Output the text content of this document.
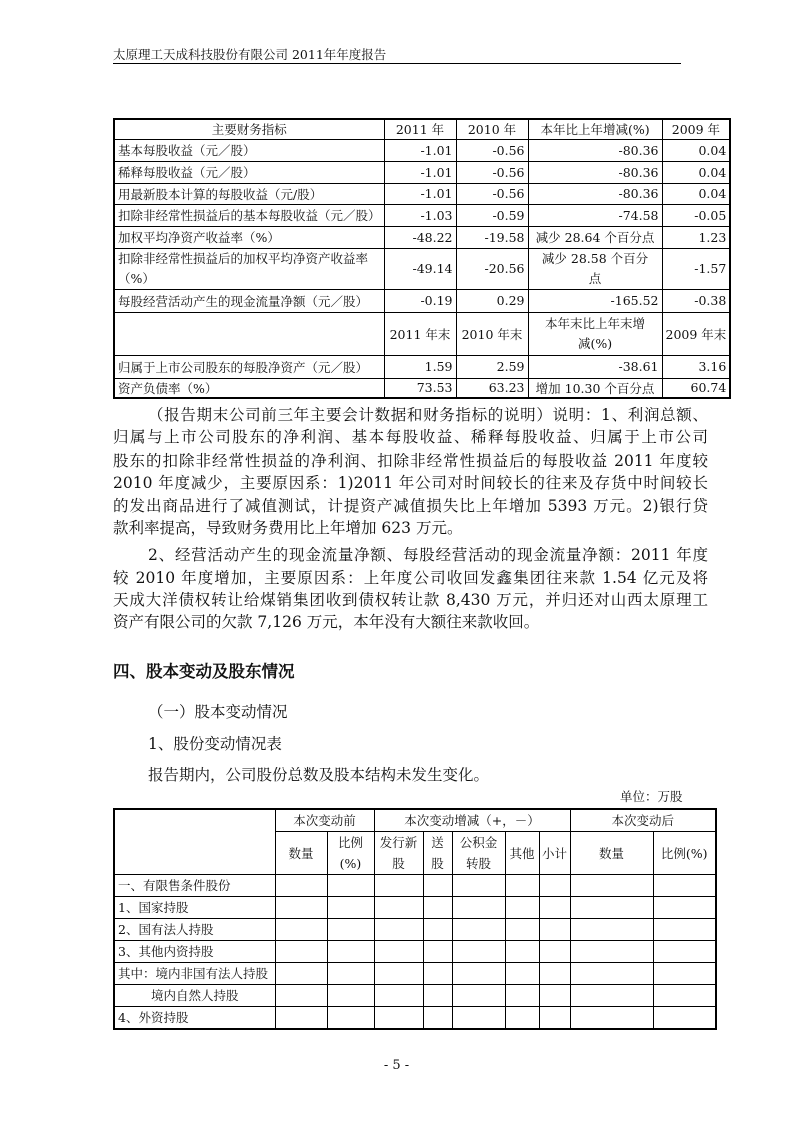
太原理工天成科技股份有限公司 2011年年度报告
主要财务指标	2011 年	2010 年	本年比上年增减(%)	2009 年
基本每股收益（元／股）	-1.01	-0.56	-80.36	0.04
稀释每股收益（元／股）	-1.01	-0.56	-80.36	0.04
用最新股本计算的每股收益（元/股）	-1.01	-0.56	-80.36	0.04
扣除非经常性损益后的基本每股收益（元／股）	-1.03	-0.59	-74.58	-0.05
加权平均净资产收益率（%）	-48.22	-19.58	减少 28.64 个百分点	1.23
扣除非经常性损益后的加权平均净资产收益率（%）	-49.14	-20.56	减少 28.58 个百分点	-1.57
每股经营活动产生的现金流量净额（元／股）	-0.19	0.29	-165.52	-0.38
	2011 年末	2010 年末	本年末比上年末增减(%)	2009 年末
归属于上市公司股东的每股净资产（元／股）	1.59	2.59	-38.61	3.16
资产负债率（%）	73.53	63.23	增加 10.30 个百分点	60.74
（报告期末公司前三年主要会计数据和财务指标的说明）说明：1、利润总额、
归属与上市公司股东的净利润、基本每股收益、稀释每股收益、归属于上市公司
股东的扣除非经常性损益的净利润、扣除非经常性损益后的每股收益 2011 年度较
2010 年度减少，主要原因系：1)2011 年公司对时间较长的往来及存货中时间较长
的发出商品进行了减值测试，计提资产减值损失比上年增加 5393 万元。2)银行贷
款利率提高，导致财务费用比上年增加 623 万元。
2、经营活动产生的现金流量净额、每股经营活动的现金流量净额：2011 年度
较 2010 年度增加，主要原因系：上年度公司收回发鑫集团往来款 1.54 亿元及将
天成大洋债权转让给煤销集团收到债权转让款 8,430 万元，并归还对山西太原理工
资产有限公司的欠款 7,126 万元，本年没有大额往来款收回。
四、股本变动及股东情况
（一）股本变动情况
1、股份变动情况表
报告期内，公司股份总数及股本结构未发生变化。
单位：万股
	本次变动前		本次变动增减（+，－）					本次变动后	
	数量	比例(%)	发行新股	送股	公积金转股	其他	小计	数量	比例(%)
一、有限售条件股份									
1、国家持股									
2、国有法人持股									
3、其他内资持股									
其中：境内非国有法人持股									
境内自然人持股									
4、外资持股									
- 5 -
